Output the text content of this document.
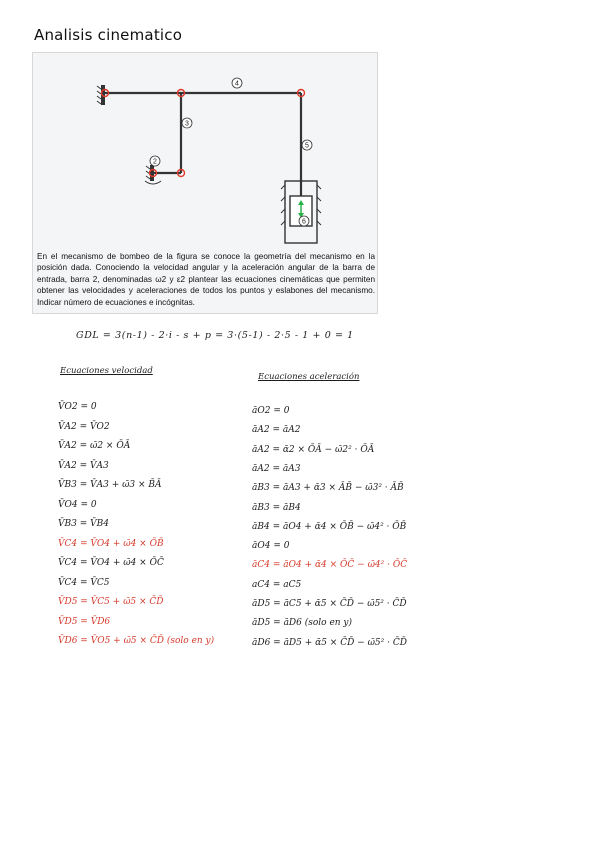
Analisis cinematico
2
3
4
5
6
En el mecanismo de bombeo de la figura se conoce la geometría del mecanismo en la posición dada. Conociendo la velocidad angular y la aceleración angular de la barra de entrada, barra 2, denominadas ω2 y ε2 plantear las ecuaciones cinemáticas que permiten obtener las velocidades y aceleraciones de todos los puntos y eslabones del mecanismo. Indicar número de ecuaciones e incógnitas.
GDL = 3(n-1) - 2·i - s + p = 3·(5-1) - 2·5 - 1 + 0 = 1
Ecuaciones velocidad
Ecuaciones aceleración
V̄O2 = 0
V̄A2 = V̄O2
V̄A2 = ω̄2 × ŌĀ
V̄A2 = V̄A3
V̄B3 = V̄A3 + ω̄3 × B̄Ā
V̄O4 = 0
V̄B3 = V̄B4
V̄C4 = V̄O4 + ω̄4 × ŌB̄
V̄C4 = V̄O4 + ω̄4 × ŌC̄
V̄C4 = V̄C5
V̄D5 = V̄C5 + ω̄5 × C̄D̄
V̄D5 = V̄D6
V̄D6 = V̄O5 + ω̄5 × C̄D̄ (solo en y)
āO2 = 0
āA2 = āA2
āA2 = ᾱ2 × ŌĀ − ω̄2² · ŌĀ
āA2 = āA3
āB3 = āA3 + ᾱ3 × ĀB̄ − ω̄3² · ĀB̄
āB3 = āB4
āB4 = āO4 + ᾱ4 × ŌB̄ − ω̄4² · ŌB̄
āO4 = 0
āC4 = āO4 + ᾱ4 × ŌC̄ − ω̄4² · ŌC̄
aC4 = aC5
āD5 = āC5 + ᾱ5 × C̄D̄ − ω̄5² · C̄D̄
āD5 = āD6 (solo en y)
āD6 = āD5 + ᾱ5 × C̄D̄ − ω̄5² · C̄D̄
